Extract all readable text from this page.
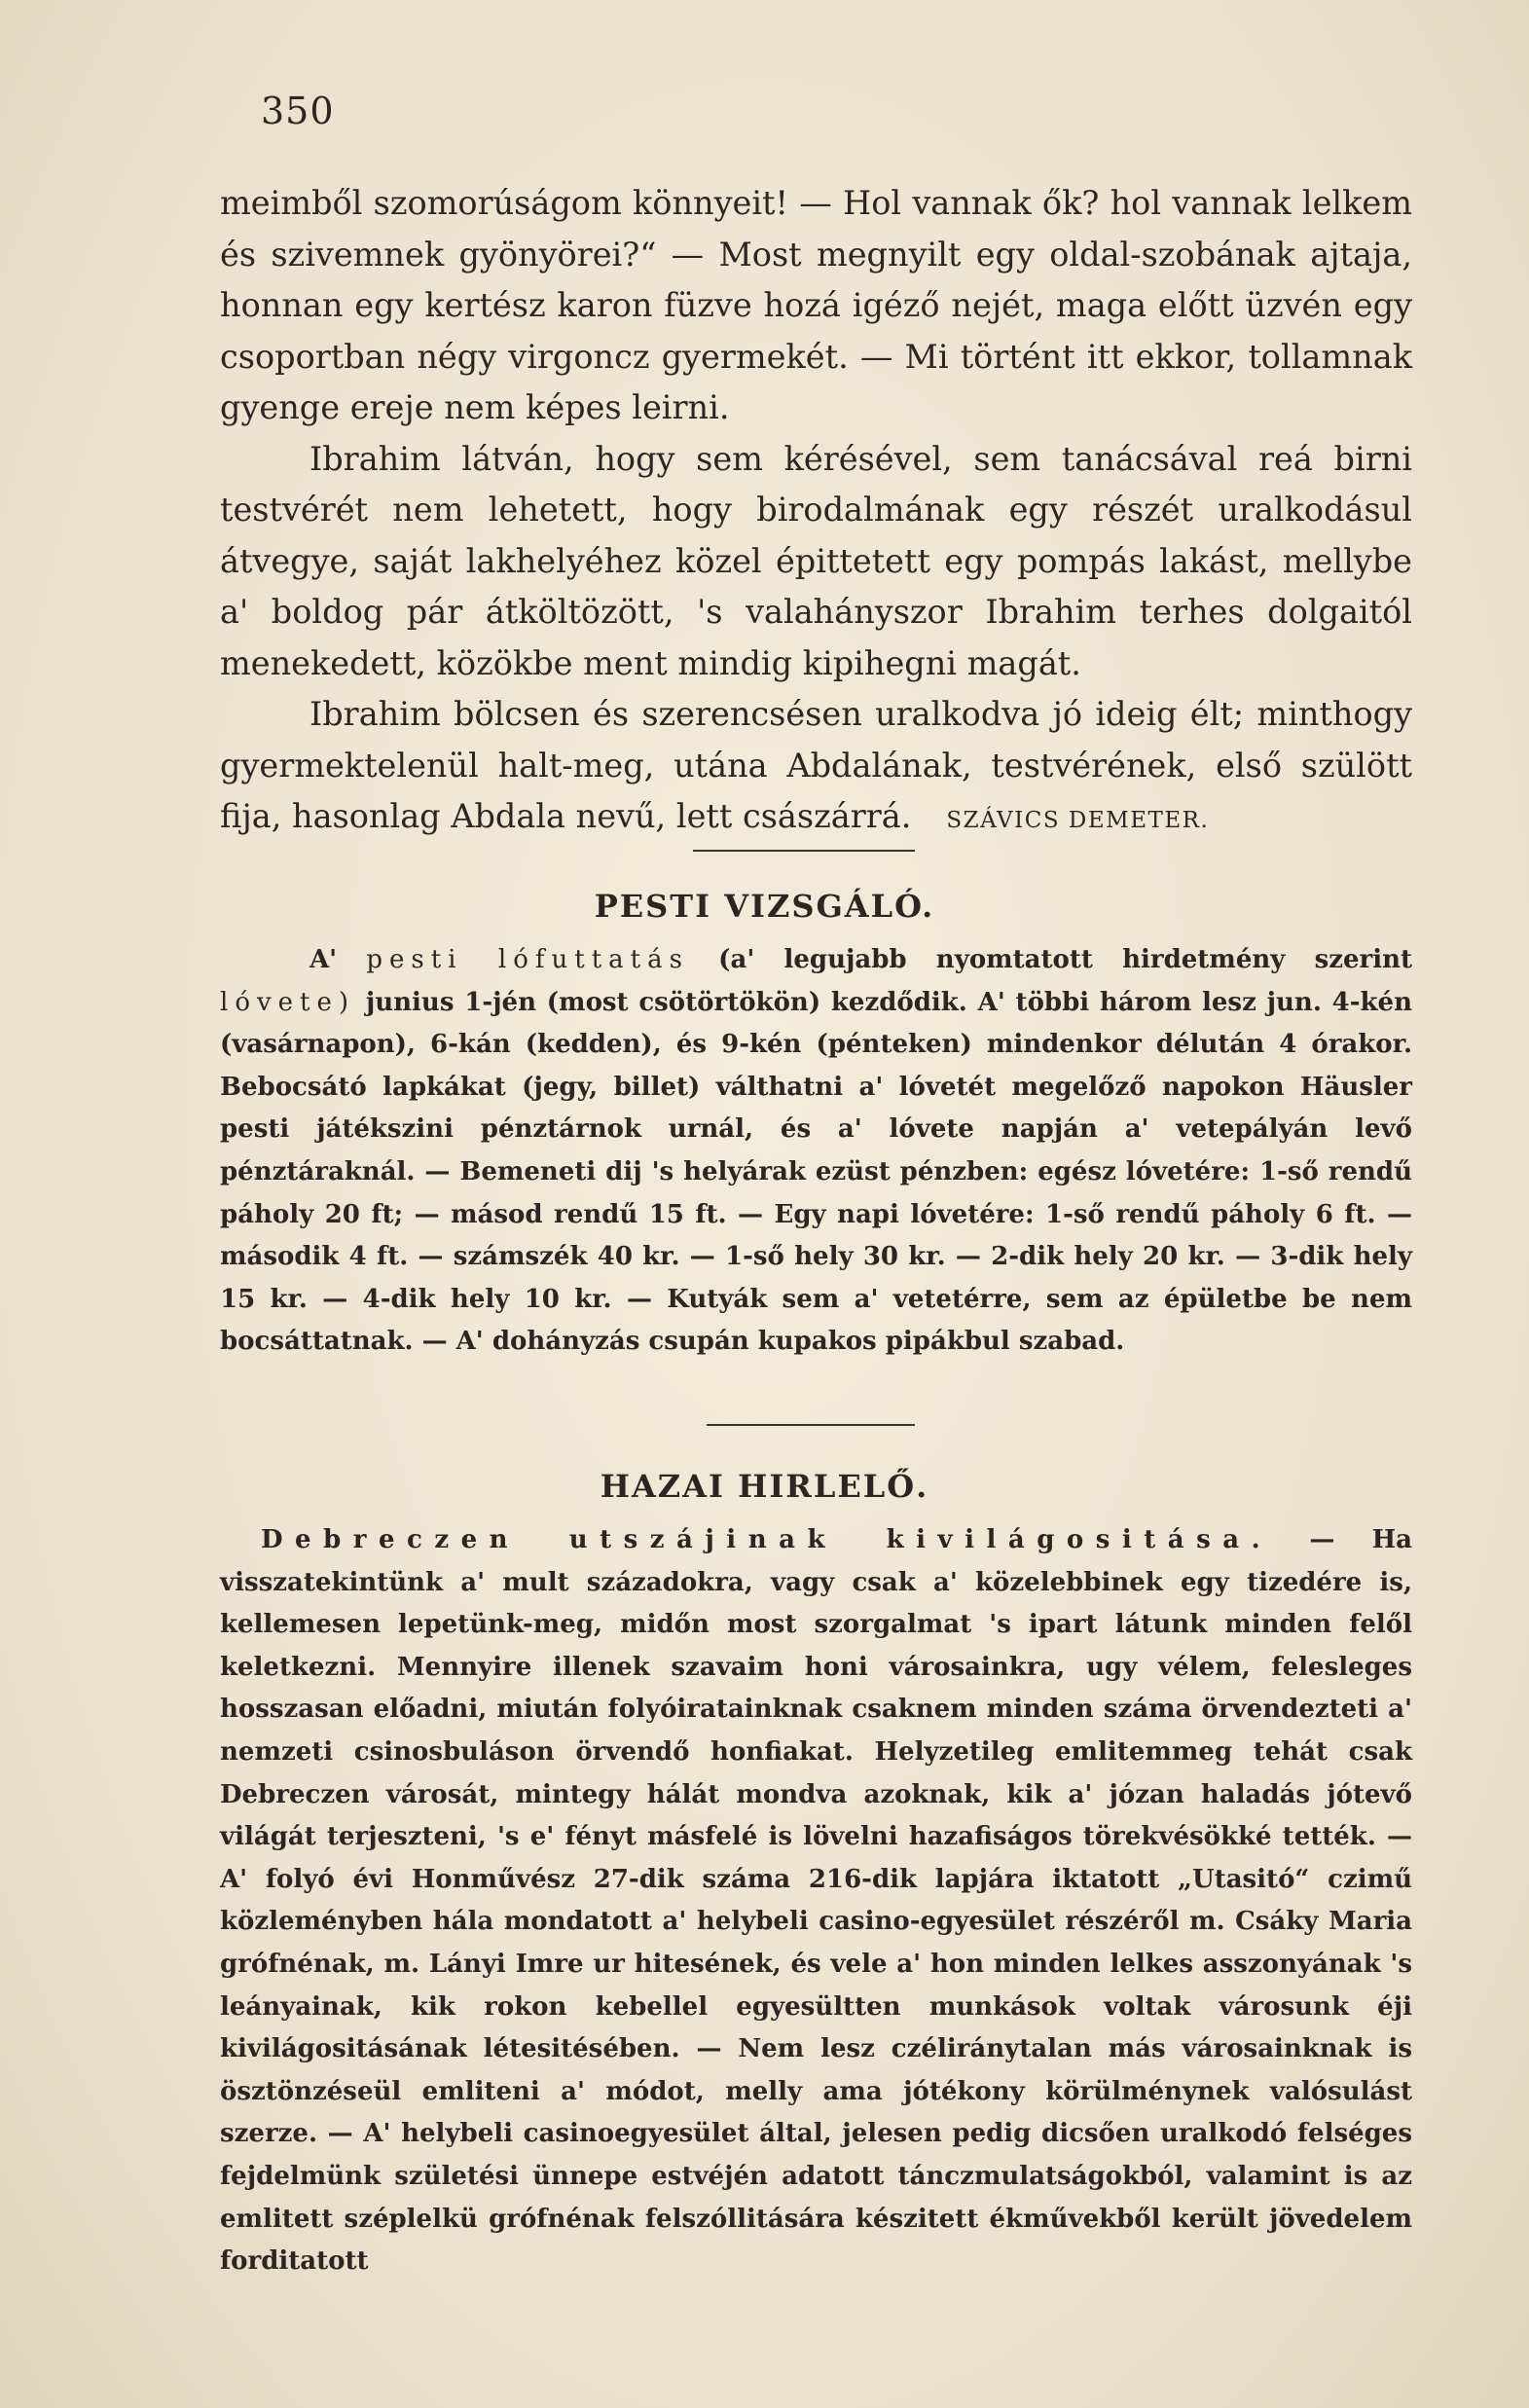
350

meimből szomorúságom könnyeit! — Hol vannak ők? hol vannak lelkem és szivemnek gyönyörei?“ — Most megnyilt egy oldal-szobának ajtaja, honnan egy kertész karon füzve hozá igéző nejét, maga előtt üzvén egy csoportban négy virgoncz gyermekét. — Mi történt itt ekkor, tollamnak gyenge ereje nem képes leirni.

Ibrahim látván, hogy sem kérésével, sem tanácsával reá birni testvérét nem lehetett, hogy birodalmának egy részét uralkodásul átvegye, saját lakhelyéhez közel épittetett egy pompás lakást, mellybe a' boldog pár átköltözött, 's valahányszor Ibrahim terhes dolgaitól menekedett, közökbe ment mindig kipihegni magát.

Ibrahim bölcsen és szerencsésen uralkodva jó ideig élt; minthogy gyermektelenül halt-meg, utána Abdalának, testvérének, első szülött fija, hasonlag Abdala nevű, lett császárrá. SZÁVICS DEMETER.

PESTI VIZSGÁLÓ.

A' pesti lófuttatás (a' legujabb nyomtatott hirdetmény szerint lóvete) junius 1-jén (most csötörtökön) kezdődik. A' többi három lesz jun. 4-kén (vasárnapon), 6-kán (kedden), és 9-kén (pénteken) mindenkor délután 4 órakor. Bebocsátó lapkákat (jegy, billet) válthatni a' lóvetét megelőző napokon Häusler pesti játékszini pénztárnok urnál, és a' lóvete napján a' vetepályán levő pénztáraknál. — Bemeneti dij 's helyárak ezüst pénzben: egész lóvetére: 1-ső rendű páholy 20 ft; — másod rendű 15 ft. — Egy napi lóvetére: 1-ső rendű páholy 6 ft. — második 4 ft. — számszék 40 kr. — 1-ső hely 30 kr. — 2-dik hely 20 kr. — 3-dik hely 15 kr. — 4-dik hely 10 kr. — Kutyák sem a' vetetérre, sem az épületbe be nem bocsáttatnak. — A' dohányzás csupán kupakos pipákbul szabad.

HAZAI HIRLELŐ.

Debreczen utszájinak kivilágositása. — Ha visszatekintünk a' mult századokra, vagy csak a' közelebbinek egy tizedére is, kellemesen lepetünk-meg, midőn most szorgalmat 's ipart látunk minden felől keletkezni. Mennyire illenek szavaim honi városainkra, ugy vélem, felesleges hosszasan előadni, miután folyóiratainknak csaknem minden száma örvendezteti a' nemzeti csinosbuláson örvendő honfiakat. Helyzetileg emlitemmeg tehát csak Debreczen városát, mintegy hálát mondva azoknak, kik a' józan haladás jótevő világát terjeszteni, 's e' fényt másfelé is lövelni hazafiságos törekvésökké tették. — A' folyó évi Honművész 27-dik száma 216-dik lapjára iktatott „Utasitó“ czimű közleményben hála mondatott a' helybeli casino-egyesület részéről m. Csáky Maria grófnénak, m. Lányi Imre ur hitesének, és vele a' hon minden lelkes asszonyának 's leányainak, kik rokon kebellel egyesültten munkások voltak városunk éji kivilágositásának létesitésében. — Nem lesz czéliránytalan más városainknak is ösztönzéseül emliteni a' módot, melly ama jótékony körülménynek valósulást szerze. — A' helybeli casinoegyesület által, jelesen pedig dicsően uralkodó felséges fejdelmünk születési ünnepe estvéjén adatott tánczmulatságokból, valamint is az emlitett széplelkü grófnénak felszóllitására készitett ékművekből került jövedelem forditatott
